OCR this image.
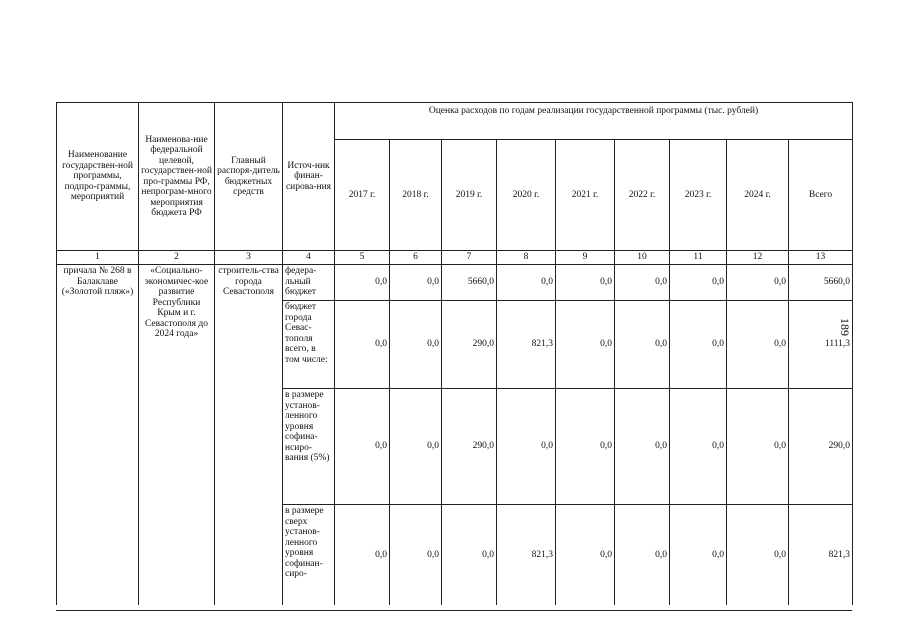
Наименование государствен-ной программы, подпро-граммы, мероприятий	Наименова-ние федеральной целевой, государствен-ной про-граммы РФ, непрограм-много мероприятия бюджета РФ	Главный распоря-дитель бюджетных средств	Источ-ник финан-сирова-ния	Оценка расходов по годам реализации государственной программы (тыс. рублей)								
				2017 г.	2018 г.	2019 г.	2020 г.	2021 г.	2022 г.	2023 г.	2024 г.	Всего
1	2	3	4	5	6	7	8	9	10	11	12	13
причала № 268 в Балаклаве («Золотой пляж»)	«Социально-экономичес-кое развитие Республики Крым и г. Севастополя до 2024 года»	строитель-ства города Севастополя	федера-льный бюджет	0,0	0,0	5660,0	0,0	0,0	0,0	0,0	0,0	5660,0
			бюджет города Севас-тополя всего, в том числе:	0,0	0,0	290,0	821,3	0,0	0,0	0,0	0,0	1111,3
			в размере установ-ленного уровня софина-нсиро-вания (5%)	0,0	0,0	290,0	0,0	0,0	0,0	0,0	0,0	290,0
			в размере сверх установ-ленного уровня софинан-сиро-	0,0	0,0	0,0	821,3	0,0	0,0	0,0	0,0	821,3
189
